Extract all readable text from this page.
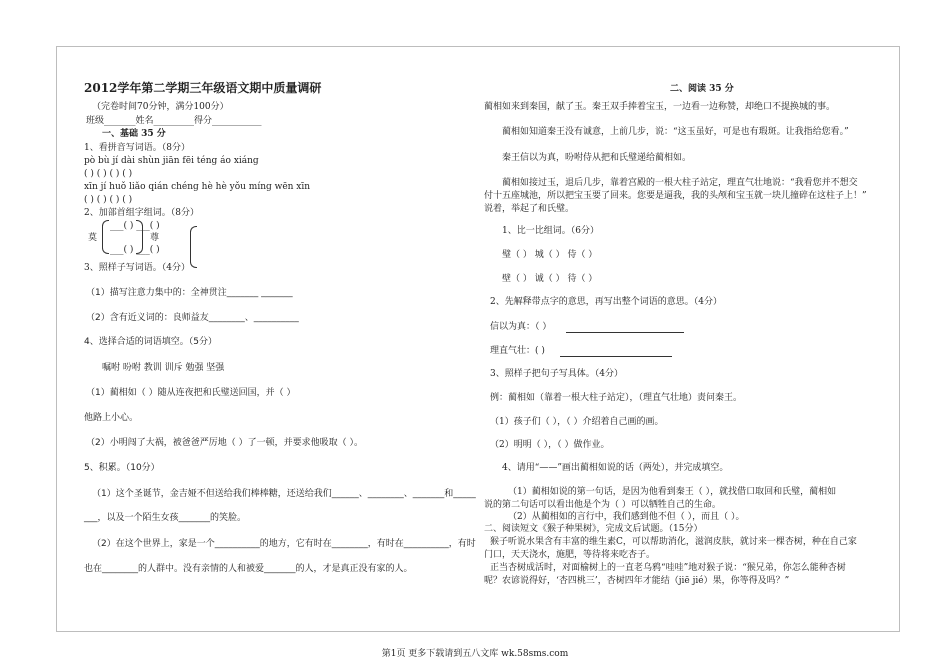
2012学年第二学期三年级语文期中质量调研
（完卷时间70分钟，满分100分）
班级_______姓名_________得分___________
一、基础 35 分
1、看拼音写词语。（8分）
pò bù jí dài shùn jiān fēi téng áo xiáng
( ) ( ) ( ) ( )
xīn jí huǒ liǎo qián chéng hè hè yǒu míng wēn xīn
( ) ( ) ( ) ( )
2、加部首组字组词。（8分）
___( ) ___( )
莫	尊
___( ) ___( )
3、照样子写词语。（4分）
（1）描写注意力集中的：全神贯注_______ _______
（2）含有近义词的：良师益友________、__________
4、选择合适的词语填空。（5分）
嘱咐 吩咐 教训 训斥 勉强 坚强
（1）蔺相如（ ）随从连夜把和氏璧送回国，并（ ）
他路上小心。
（2）小明闯了大祸，被爸爸严厉地（ ）了一顿，并要求他吸取（ ）。
5、积累。（10分）
（1）这个圣诞节，金吉娅不但送给我们棒棒糖，还送给我们______、________、_______和_____
___，以及一个陌生女孩_______的笑脸。
（2）在这个世界上，家是一个__________的地方，它有时在________，有时在__________，有时
也在________的人群中。没有亲情的人和被爱_______的人，才是真正没有家的人。
二、阅读 35 分
蔺相如来到秦国，献了玉。秦王双手捧着宝玉，一边看一边称赞，却绝口不提换城的事。
蔺相如知道秦王没有诚意，上前几步，说：“这玉虽好，可是也有瑕斑。让我指给您看。”
秦王信以为真，吩咐侍从把和氏璧递给蔺相如。
蔺相如接过玉，退后几步，靠着宫殿的一根大柱子站定，理直气壮地说：“我看您并不想交
付十五座城池，所以把宝玉要了回来。您要是逼我，我的头颅和宝玉就一块儿撞碎在这柱子上！”
说着，举起了和氏璧。
1、比一比组词。（6分）
璧（ ） 城（ ） 侍（ ）
壁（ ） 诚（ ） 待（ ）
2、先解释带点字的意思，再写出整个词语的意思。（4分）
信以为真：（ ）
理直气壮：( )
3、照样子把句子写具体。（4分）
例：蔺相如（靠着一根大柱子站定），（理直气壮地）责问秦王。
（1）孩子们（ ），（ ）介绍着自己画的画。
（2）明明（ ），（ ）做作业。
4、请用“——”画出蔺相如说的话（两处），并完成填空。
（1）蔺相如说的第一句话，是因为他看到秦王（ ），就找借口取回和氏璧，蔺相如
说的第二句话可以看出他是个为（ ）可以牺牲自己的生命。
（2）从蔺相如的言行中，我们感到他不但（ ），而且（ ）。
二、阅读短文《猴子种果树》，完成文后试题。（15分）
猴子听说水果含有丰富的维生素C，可以帮助消化，滋润皮肤，就讨来一棵杏树，种在自己家
门口，天天浇水，施肥，等待将来吃杏子。
正当杏树成活时，对面榆树上的一直老乌鸦“哇哇”地对猴子说：“猴兄弟，你怎么能种杏树
呢？农谚说得好，‘杏四桃三’，杏树四年才能结（jiē jié）果，你等得及吗？”
第1页 更多下载请到五八文库 wk.58sms.com
